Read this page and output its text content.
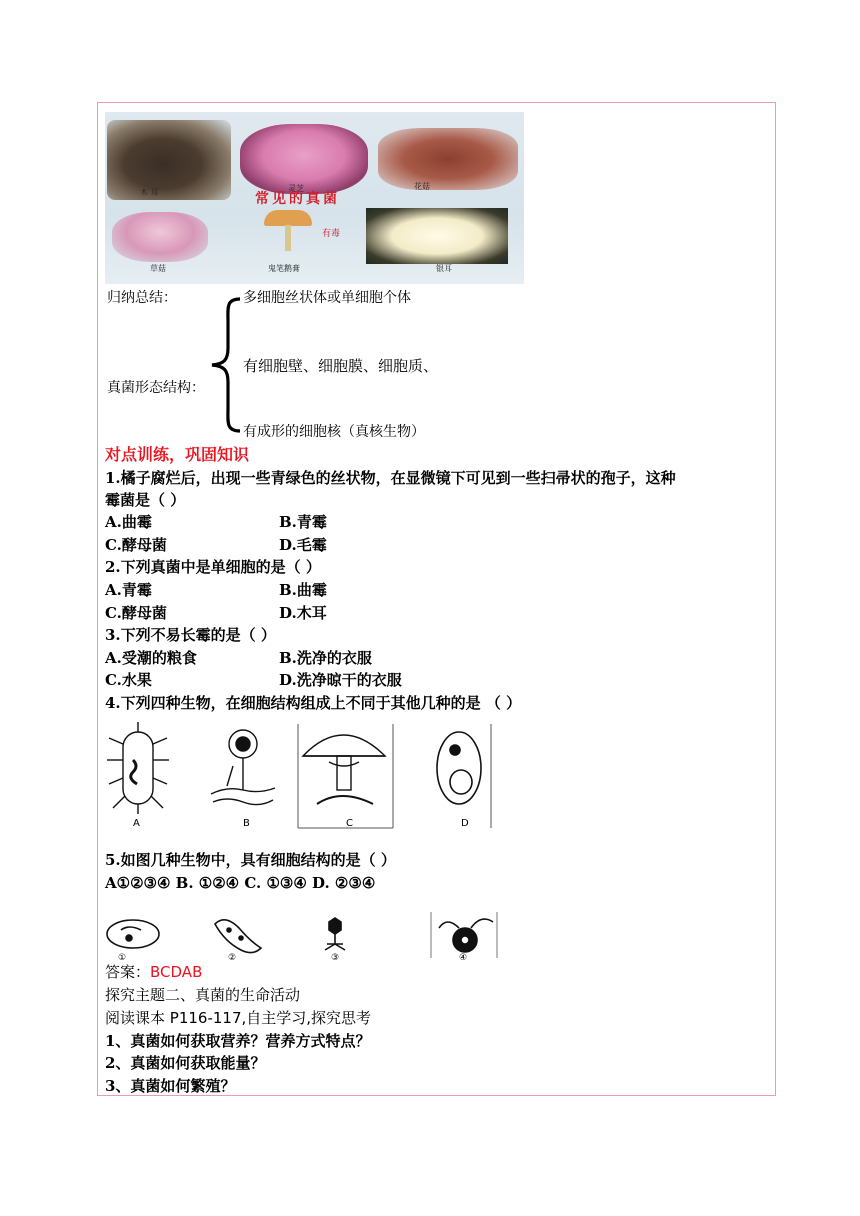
木 耳	灵芝	花菇
常见的真菌
草菇	鬼笔鹅膏
有毒
银耳
归纳总结：	多细胞丝状体或单细胞个体
有细胞壁、细胞膜、细胞质、
真菌形态结构：
有成形的细胞核（真核生物）
对点训练，巩固知识
1.橘子腐烂后，出现一些青绿色的丝状物，在显微镜下可见到一些扫帚状的孢子，这种
霉菌是（ ）
A.曲霉	B.青霉
C.酵母菌	D.毛霉
2.下列真菌中是单细胞的是（ ）
A.青霉	B.曲霉
C.酵母菌	D.木耳
3.下列不易长霉的是（ ）
A.受潮的粮食	B.洗净的衣服
C.水果	D.洗净晾干的衣服
4.下列四种生物，在细胞结构组成上不同于其他几种的是 （ ）
A	B	C	D
5.如图几种生物中，具有细胞结构的是（ ）
A①②③④ B. ①②④ C. ①③④ D. ②③④
①	②	③	④
答案：BCDAB
探究主题二、真菌的生命活动
阅读课本 P116-117,自主学习,探究思考
1、真菌如何获取营养？营养方式特点？
2、真菌如何获取能量？
3、真菌如何繁殖？
